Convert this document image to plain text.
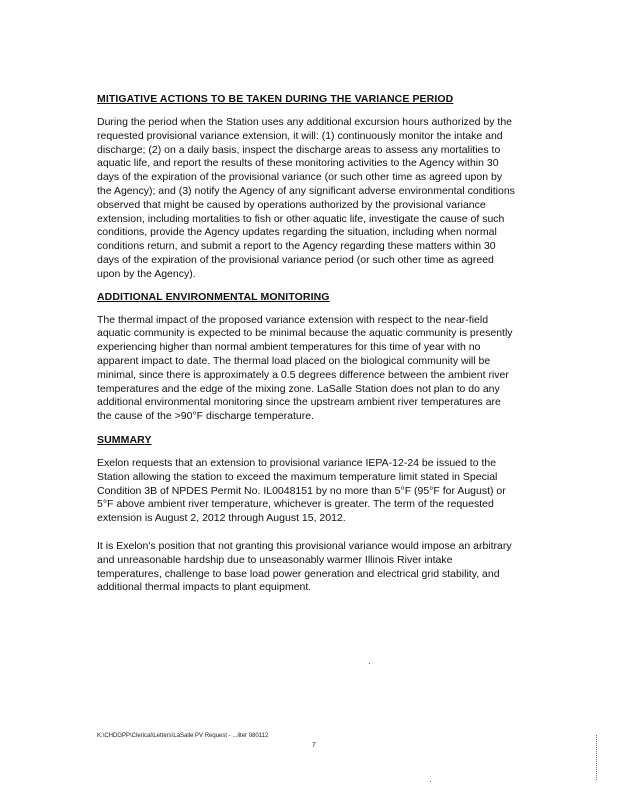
MITIGATIVE ACTIONS TO BE TAKEN DURING THE VARIANCE PERIOD

During the period when the Station uses any additional excursion hours authorized by the requested provisional variance extension, it will: (1) continuously monitor the intake and discharge; (2) on a daily basis, inspect the discharge areas to assess any mortalities to aquatic life, and report the results of these monitoring activities to the Agency within 30 days of the expiration of the provisional variance (or such other time as agreed upon by the Agency); and (3) notify the Agency of any significant adverse environmental conditions observed that might be caused by operations authorized by the provisional variance extension, including mortalities to fish or other aquatic life, investigate the cause of such conditions, provide the Agency updates regarding the situation, including when normal conditions return, and submit a report to the Agency regarding these matters within 30 days of the expiration of the provisional variance period (or such other time as agreed upon by the Agency).

ADDITIONAL ENVIRONMENTAL MONITORING

The thermal impact of the proposed variance extension with respect to the near-field aquatic community is expected to be minimal because the aquatic community is presently experiencing higher than normal ambient temperatures for this time of year with no apparent impact to date. The thermal load placed on the biological community will be minimal, since there is approximately a 0.5 degrees difference between the ambient river temperatures and the edge of the mixing zone. LaSalle Station does not plan to do any additional environmental monitoring since the upstream ambient river temperatures are the cause of the >90°F discharge temperature.

SUMMARY

Exelon requests that an extension to provisional variance IEPA-12-24 be issued to the Station allowing the station to exceed the maximum temperature limit stated in Special Condition 3B of NPDES Permit No. IL0048151 by no more than 5°F (95°F for August) or 5°F above ambient river temperature, whichever is greater. The term of the requested extension is August 2, 2012 through August 15, 2012.

It is Exelon's position that not granting this provisional variance would impose an arbitrary and unreasonable hardship due to unseasonably warmer Illinois River intake temperatures, challenge to base load power generation and electrical grid stability, and additional thermal impacts to plant equipment.

K:\CHDGPP\Clerical\Letters\LaSalle PV Request - ...ilter 080112
7
